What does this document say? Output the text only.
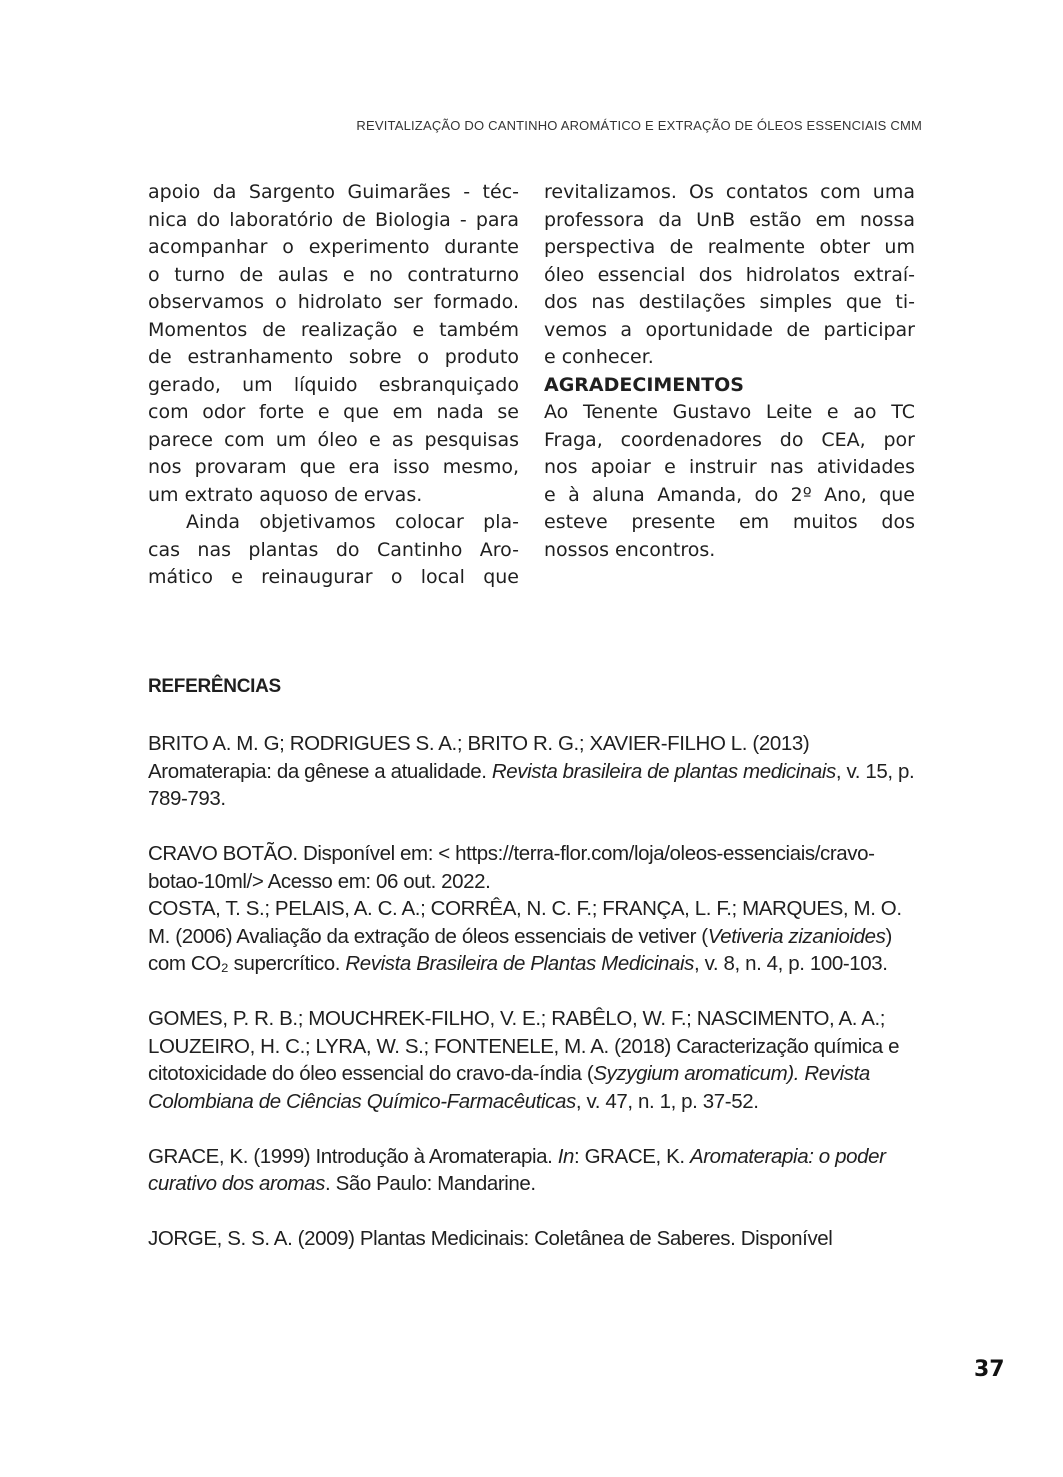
REVITALIZAÇÃO DO CANTINHO AROMÁTICO E EXTRAÇÃO DE ÓLEOS ESSENCIAIS CMM

apoio da Sargento Guimarães - téc-
nica do laboratório de Biologia - para
acompanhar o experimento durante
o turno de aulas e no contraturno
observamos o hidrolato ser formado.
Momentos de realização e também
de estranhamento sobre o produto
gerado, um líquido esbranquiçado
com odor forte e que em nada se
parece com um óleo e as pesquisas
nos provaram que era isso mesmo,
um extrato aquoso de ervas.

Ainda objetivamos colocar pla-
cas nas plantas do Cantinho Aro-
mático e reinaugurar o local que

revitalizamos. Os contatos com uma
professora da UnB estão em nossa
perspectiva de realmente obter um
óleo essencial dos hidrolatos extraí-
dos nas destilações simples que ti-
vemos a oportunidade de participar
e conhecer.

AGRADECIMENTOS

Ao Tenente Gustavo Leite e ao TC
Fraga, coordenadores do CEA, por
nos apoiar e instruir nas atividades
e à aluna Amanda, do 2º Ano, que
esteve presente em muitos dos
nossos encontros.

REFERÊNCIAS

BRITO A. M. G; RODRIGUES S. A.; BRITO R. G.; XAVIER-FILHO L. (2013) Aromaterapia: da gênese a atualidade. Revista brasileira de plantas medicinais, v. 15, p. 789-793.

CRAVO BOTÃO. Disponível em: < https://terra-flor.com/loja/oleos-essenciais/cravo-botao-10ml/> Acesso em: 06 out. 2022.

COSTA, T. S.; PELAIS, A. C. A.; CORRÊA, N. C. F.; FRANÇA, L. F.; MARQUES, M. O. M. (2006) Avaliação da extração de óleos essenciais de vetiver (Vetiveria zizanioides) com CO₂ supercrítico. Revista Brasileira de Plantas Medicinais, v. 8, n. 4, p. 100-103.

GOMES, P. R. B.; MOUCHREK-FILHO, V. E.; RABÊLO, W. F.; NASCIMENTO, A. A.; LOUZEIRO, H. C.; LYRA, W. S.; FONTENELE, M. A. (2018) Caracterização química e citotoxicidade do óleo essencial do cravo-da-índia (Syzygium aromaticum). Revista Colombiana de Ciências Químico-Farmacêuticas, v. 47, n. 1, p. 37-52.

GRACE, K. (1999) Introdução à Aromaterapia. In: GRACE, K. Aromaterapia: o poder curativo dos aromas. São Paulo: Mandarine.

JORGE, S. S. A. (2009) Plantas Medicinais: Coletânea de Saberes. Disponível

37
